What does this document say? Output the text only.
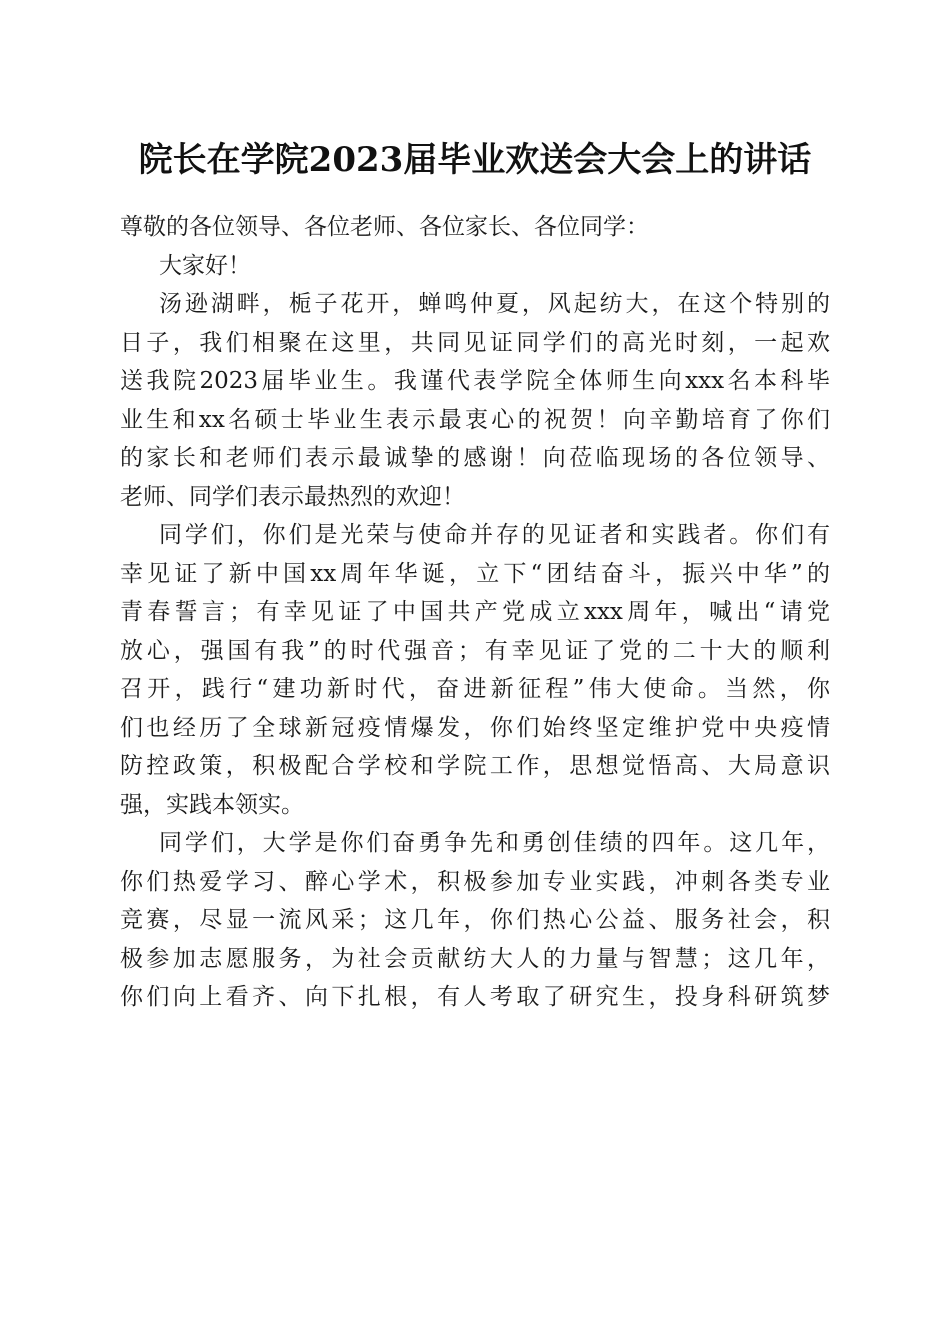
院长在学院2023届毕业欢送会大会上的讲话
尊敬的各位领导、各位老师、各位家长、各位同学：
大家好！
汤逊湖畔，栀子花开，蝉鸣仲夏，风起纺大，在这个特别的
日子，我们相聚在这里，共同见证同学们的高光时刻，一起欢
送我院2023届毕业生。我谨代表学院全体师生向xxx名本科毕
业生和xx名硕士毕业生表示最衷心的祝贺！向辛勤培育了你们
的家长和老师们表示最诚挚的感谢！向莅临现场的各位领导、
老师、同学们表示最热烈的欢迎！
同学们，你们是光荣与使命并存的见证者和实践者。你们有
幸见证了新中国xx周年华诞，立下“团结奋斗，振兴中华”的
青春誓言；有幸见证了中国共产党成立xxx周年，喊出“请党
放心，强国有我”的时代强音；有幸见证了党的二十大的顺利
召开，践行“建功新时代，奋进新征程”伟大使命。当然，你
们也经历了全球新冠疫情爆发，你们始终坚定维护党中央疫情
防控政策，积极配合学校和学院工作，思想觉悟高、大局意识
强，实践本领实。
同学们，大学是你们奋勇争先和勇创佳绩的四年。这几年，
你们热爱学习、醉心学术，积极参加专业实践，冲刺各类专业
竞赛，尽显一流风采；这几年，你们热心公益、服务社会，积
极参加志愿服务，为社会贡献纺大人的力量与智慧；这几年，
你们向上看齐、向下扎根，有人考取了研究生，投身科研筑梦
